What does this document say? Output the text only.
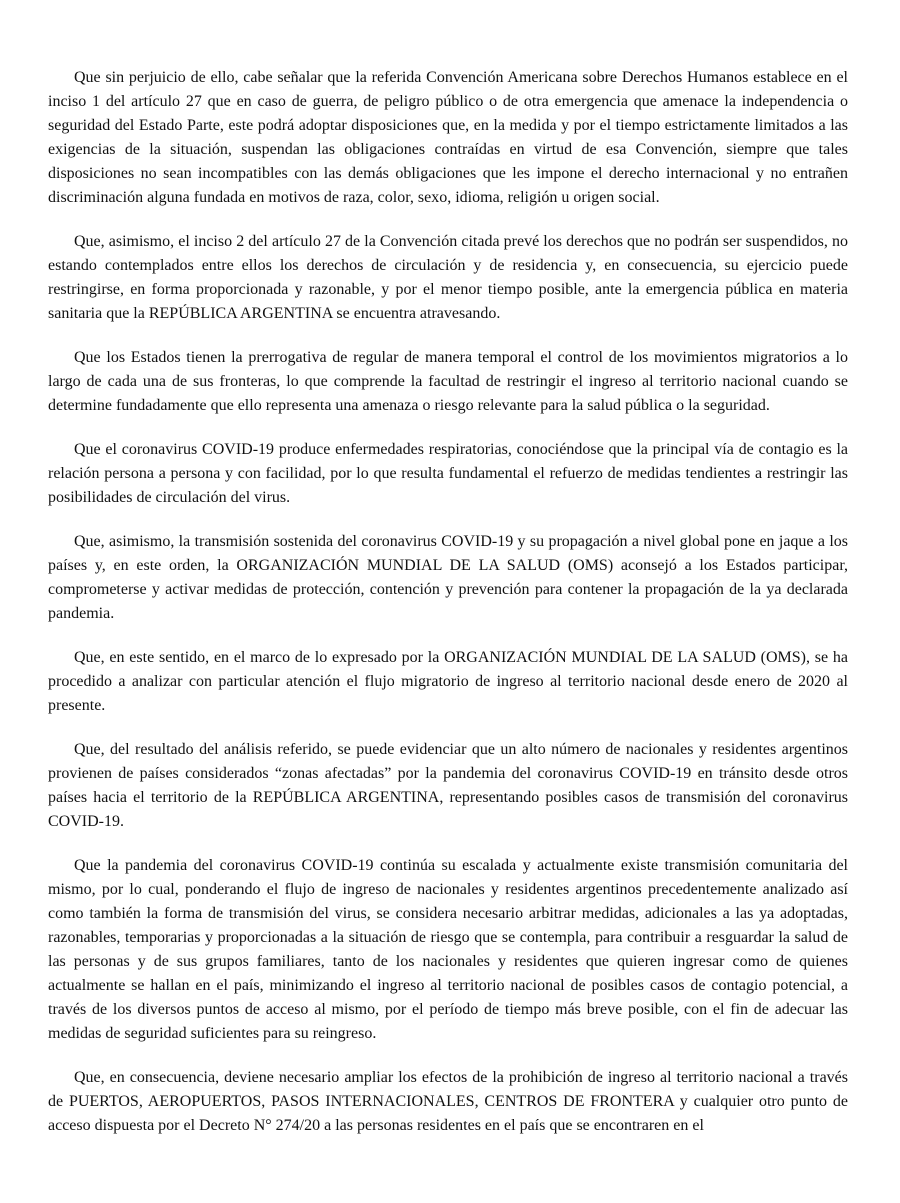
Que sin perjuicio de ello, cabe señalar que la referida Convención Americana sobre Derechos Humanos establece en el inciso 1 del artículo 27 que en caso de guerra, de peligro público o de otra emergencia que amenace la independencia o seguridad del Estado Parte, este podrá adoptar disposiciones que, en la medida y por el tiempo estrictamente limitados a las exigencias de la situación, suspendan las obligaciones contraídas en virtud de esa Convención, siempre que tales disposiciones no sean incompatibles con las demás obligaciones que les impone el derecho internacional y no entrañen discriminación alguna fundada en motivos de raza, color, sexo, idioma, religión u origen social.

Que, asimismo, el inciso 2 del artículo 27 de la Convención citada prevé los derechos que no podrán ser suspendidos, no estando contemplados entre ellos los derechos de circulación y de residencia y, en consecuencia, su ejercicio puede restringirse, en forma proporcionada y razonable, y por el menor tiempo posible, ante la emergencia pública en materia sanitaria que la REPÚBLICA ARGENTINA se encuentra atravesando.

Que los Estados tienen la prerrogativa de regular de manera temporal el control de los movimientos migratorios a lo largo de cada una de sus fronteras, lo que comprende la facultad de restringir el ingreso al territorio nacional cuando se determine fundadamente que ello representa una amenaza o riesgo relevante para la salud pública o la seguridad.

Que el coronavirus COVID-19 produce enfermedades respiratorias, conociéndose que la principal vía de contagio es la relación persona a persona y con facilidad, por lo que resulta fundamental el refuerzo de medidas tendientes a restringir las posibilidades de circulación del virus.

Que, asimismo, la transmisión sostenida del coronavirus COVID-19 y su propagación a nivel global pone en jaque a los países y, en este orden, la ORGANIZACIÓN MUNDIAL DE LA SALUD (OMS) aconsejó a los Estados participar, comprometerse y activar medidas de protección, contención y prevención para contener la propagación de la ya declarada pandemia.

Que, en este sentido, en el marco de lo expresado por la ORGANIZACIÓN MUNDIAL DE LA SALUD (OMS), se ha procedido a analizar con particular atención el flujo migratorio de ingreso al territorio nacional desde enero de 2020 al presente.

Que, del resultado del análisis referido, se puede evidenciar que un alto número de nacionales y residentes argentinos provienen de países considerados “zonas afectadas” por la pandemia del coronavirus COVID-19 en tránsito desde otros países hacia el territorio de la REPÚBLICA ARGENTINA, representando posibles casos de transmisión del coronavirus COVID-19.

Que la pandemia del coronavirus COVID-19 continúa su escalada y actualmente existe transmisión comunitaria del mismo, por lo cual, ponderando el flujo de ingreso de nacionales y residentes argentinos precedentemente analizado así como también la forma de transmisión del virus, se considera necesario arbitrar medidas, adicionales a las ya adoptadas, razonables, temporarias y proporcionadas a la situación de riesgo que se contempla, para contribuir a resguardar la salud de las personas y de sus grupos familiares, tanto de los nacionales y residentes que quieren ingresar como de quienes actualmente se hallan en el país, minimizando el ingreso al territorio nacional de posibles casos de contagio potencial, a través de los diversos puntos de acceso al mismo, por el período de tiempo más breve posible, con el fin de adecuar las medidas de seguridad suficientes para su reingreso.

Que, en consecuencia, deviene necesario ampliar los efectos de la prohibición de ingreso al territorio nacional a través de PUERTOS, AEROPUERTOS, PASOS INTERNACIONALES, CENTROS DE FRONTERA y cualquier otro punto de acceso dispuesta por el Decreto N° 274/20 a las personas residentes en el país que se encontraren en el
